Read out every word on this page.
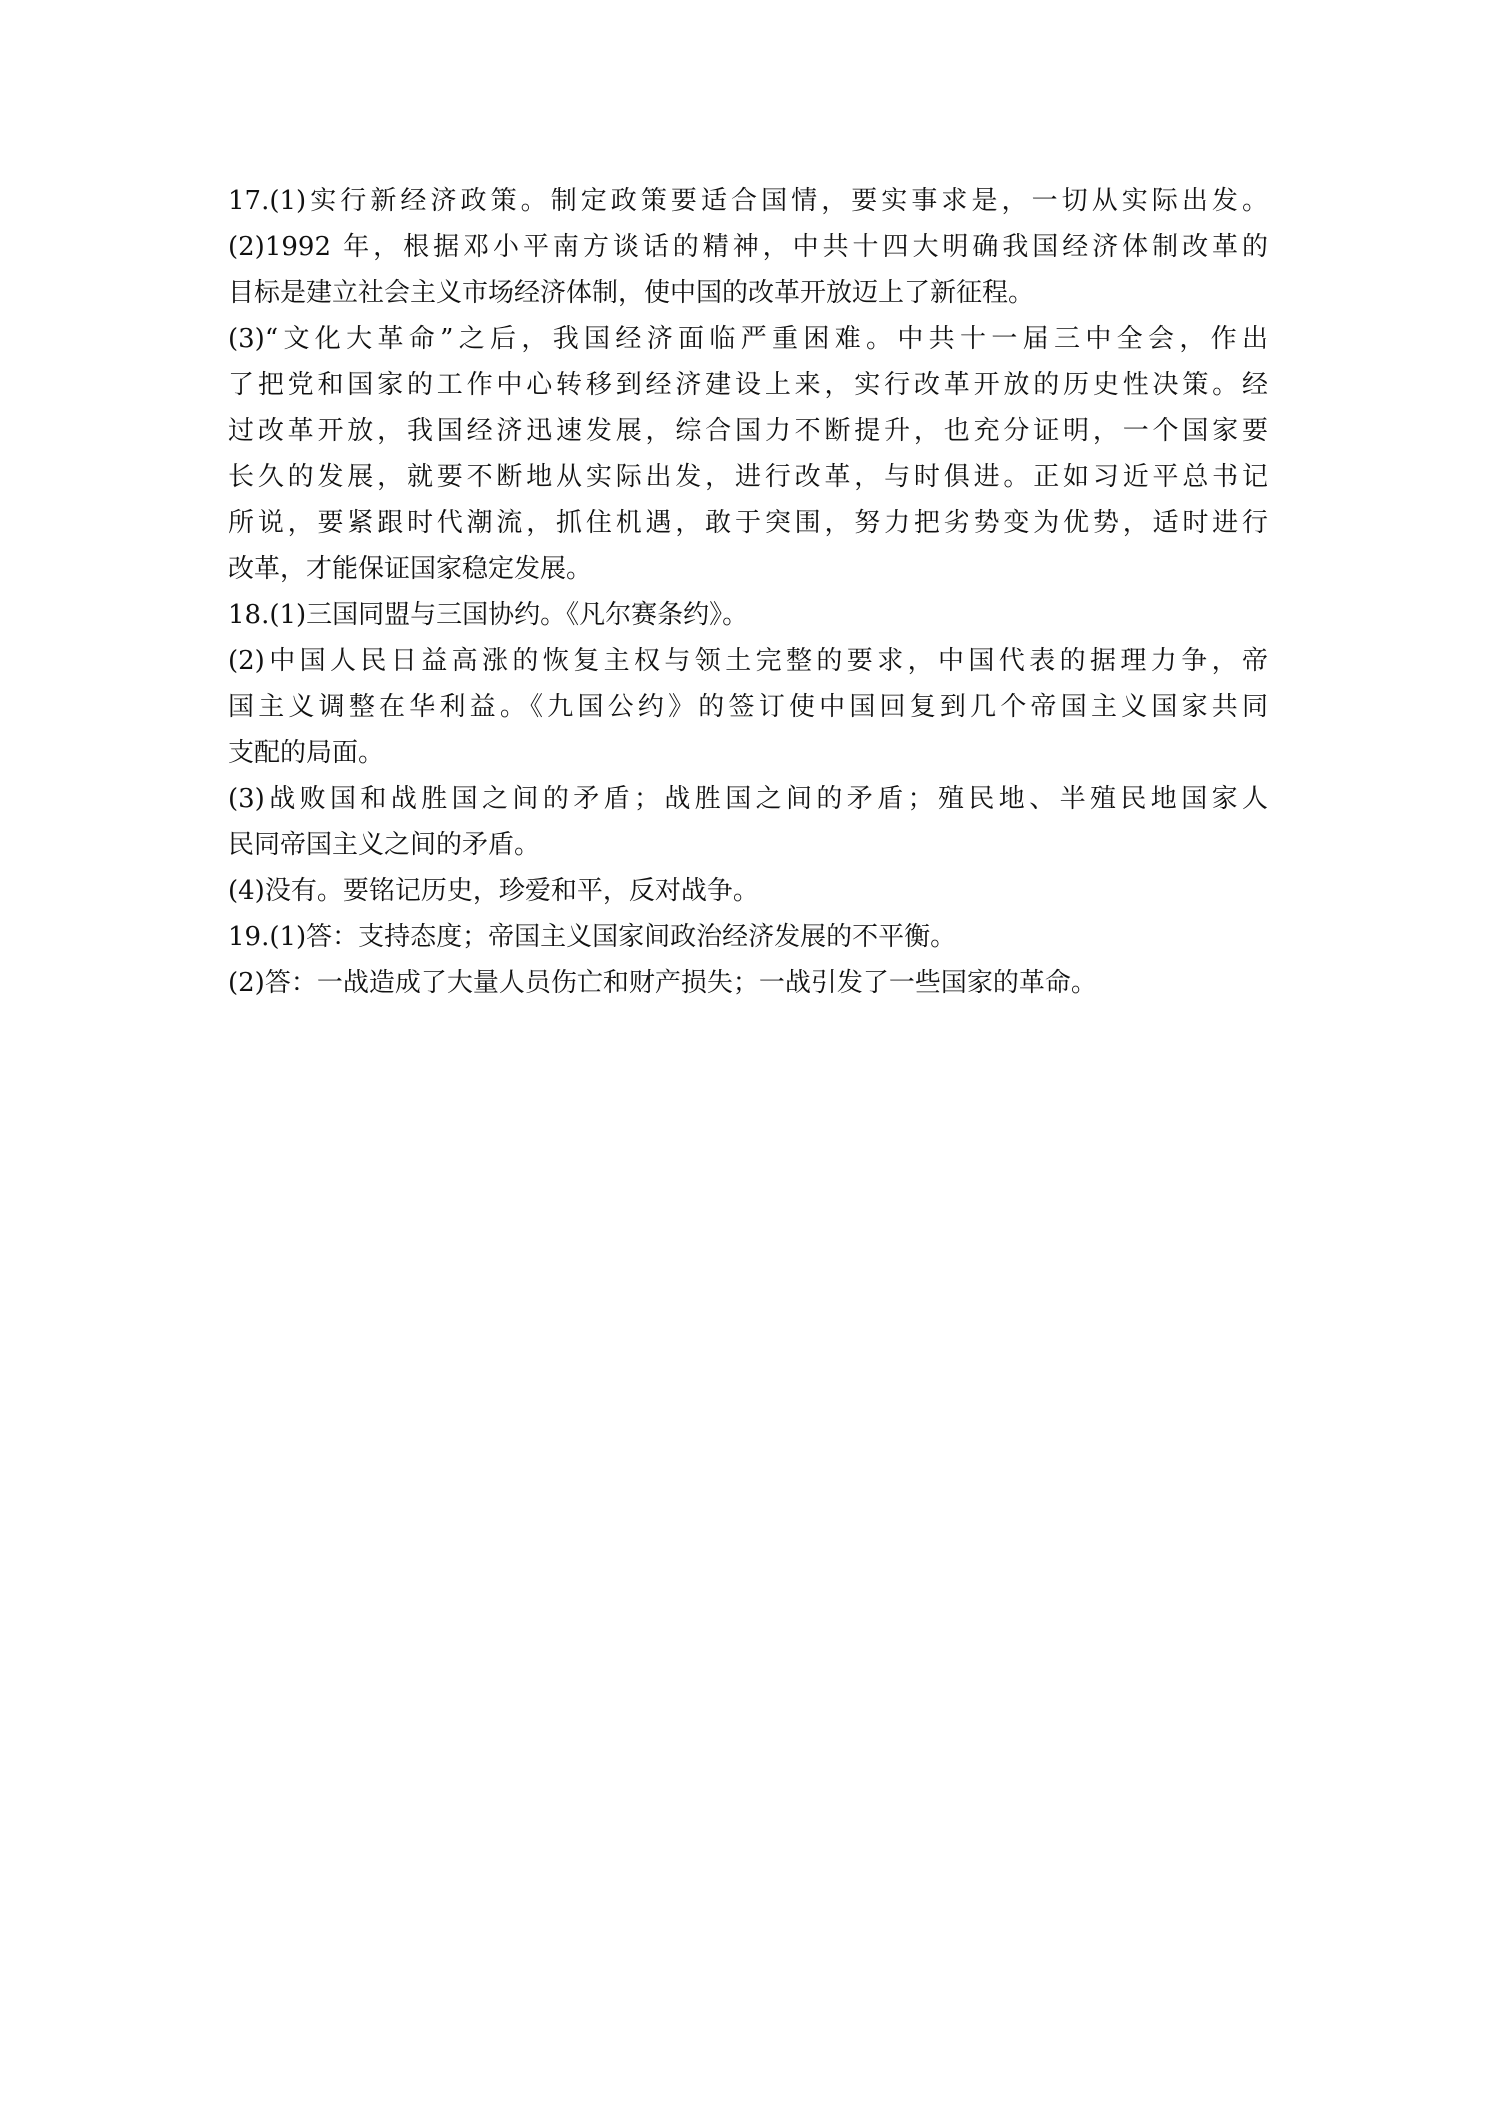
17.(1)实行新经济政策。制定政策要适合国情，要实事求是，一切从实际出发。
(2)1992 年，根据邓小平南方谈话的精神，中共十四大明确我国经济体制改革的
目标是建立社会主义市场经济体制，使中国的改革开放迈上了新征程。
(3)“文化大革命”之后，我国经济面临严重困难。中共十一届三中全会，作出
了把党和国家的工作中心转移到经济建设上来，实行改革开放的历史性决策。经
过改革开放，我国经济迅速发展，综合国力不断提升，也充分证明，一个国家要
长久的发展，就要不断地从实际出发，进行改革，与时俱进。正如习近平总书记
所说，要紧跟时代潮流，抓住机遇，敢于突围，努力把劣势变为优势，适时进行
改革，才能保证国家稳定发展。
18.(1)三国同盟与三国协约。《凡尔赛条约》。
(2)中国人民日益高涨的恢复主权与领土完整的要求，中国代表的据理力争，帝
国主义调整在华利益。《九国公约》的签订使中国回复到几个帝国主义国家共同
支配的局面。
(3)战败国和战胜国之间的矛盾；战胜国之间的矛盾；殖民地、半殖民地国家人
民同帝国主义之间的矛盾。
(4)没有。要铭记历史，珍爱和平，反对战争。
19.(1)答：支持态度；帝国主义国家间政治经济发展的不平衡。
(2)答：一战造成了大量人员伤亡和财产损失；一战引发了一些国家的革命。
